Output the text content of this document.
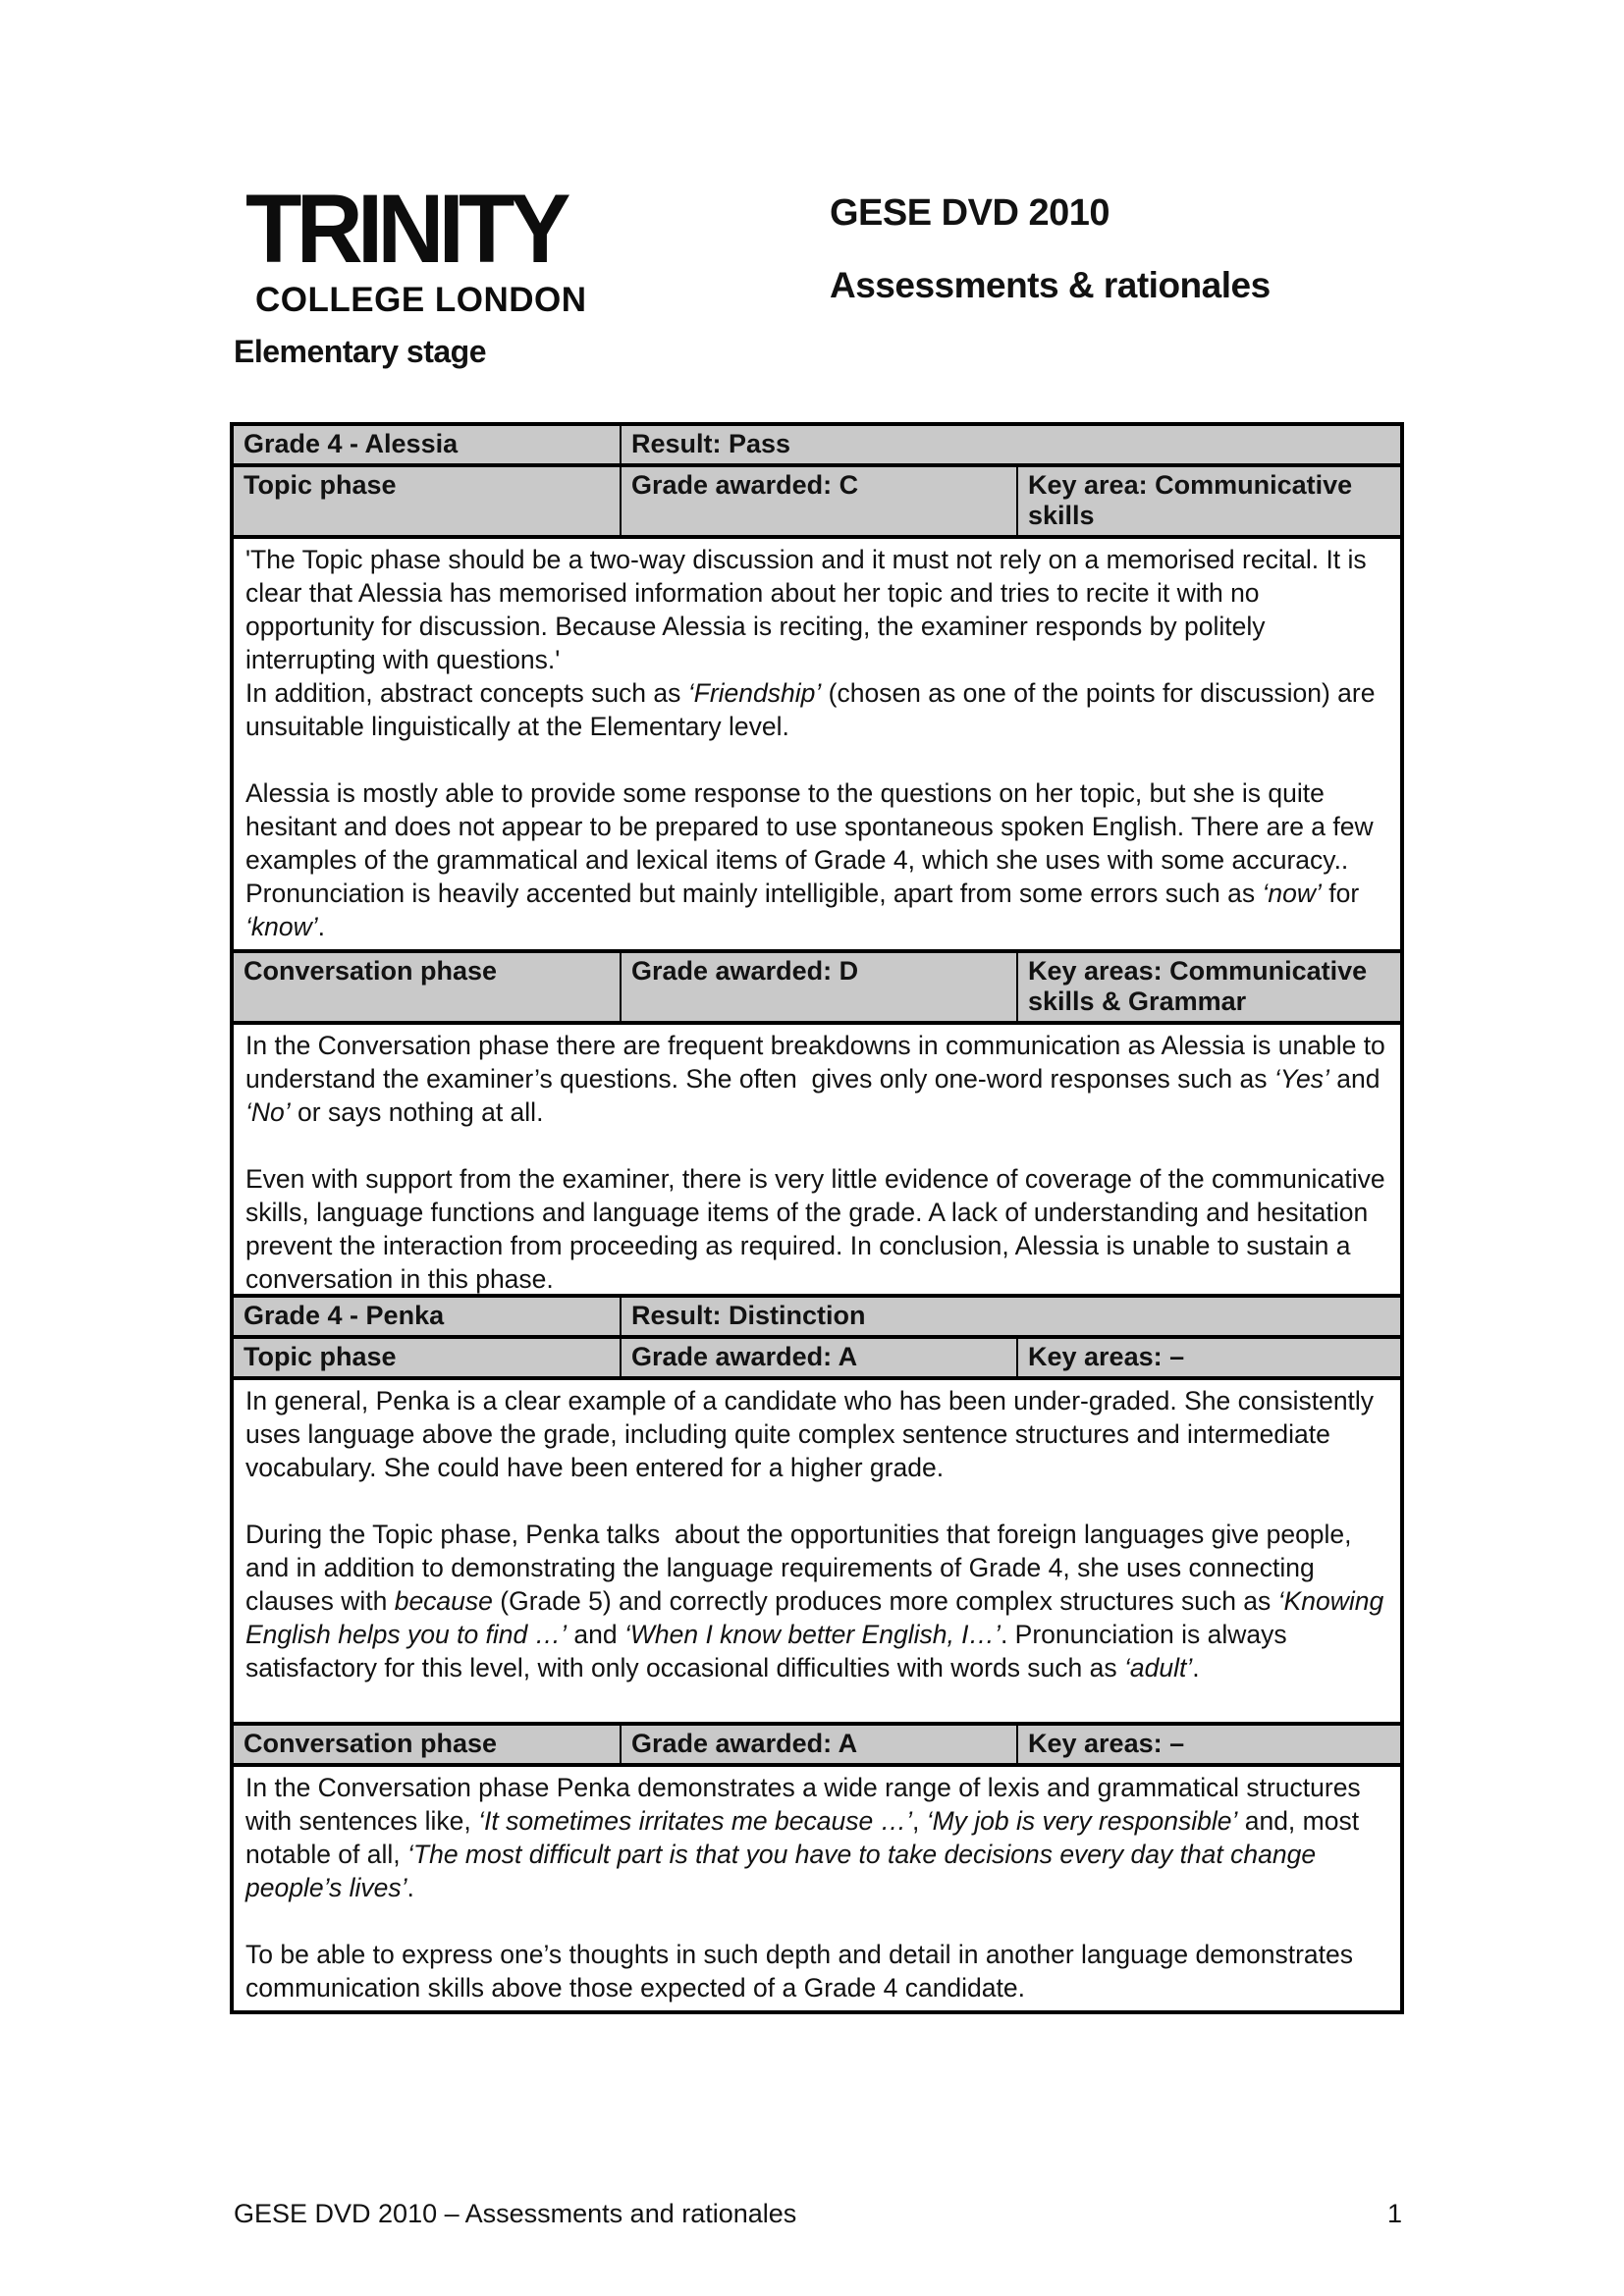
TRINITY
COLLEGE LONDON
GESE DVD 2010
Assessments & rationales
Elementary stage
Grade 4 - Alessia	Result: Pass	
Topic phase	Grade awarded: C	Key area: Communicative skills

'The Topic phase should be a two-way discussion and it must not rely on a memorised recital. It is clear that Alessia has memorised information about her topic and tries to recite it with no opportunity for discussion. Because Alessia is reciting, the examiner responds by politely interrupting with questions.'

In addition, abstract concepts such as ‘Friendship’ (chosen as one of the points for discussion) are unsuitable linguistically at the Elementary level.

Alessia is mostly able to provide some response to the questions on her topic, but she is quite hesitant and does not appear to be prepared to use spontaneous spoken English. There are a few examples of the grammatical and lexical items of Grade 4, which she uses with some accuracy.. Pronunciation is heavily accented but mainly intelligible, apart from some errors such as ‘now’ for ‘know’.		

Conversation phase	Grade awarded: D	Key areas: Communicative skills & Grammar

In the Conversation phase there are frequent breakdowns in communication as Alessia is unable to understand the examiner’s questions. She often  gives only one-word responses such as ‘Yes’ and ‘No’ or says nothing at all.

Even with support from the examiner, there is very little evidence of coverage of the communicative skills, language functions and language items of the grade. A lack of understanding and hesitation prevent the interaction from proceeding as required. In conclusion, Alessia is unable to sustain a conversation in this phase.		

Grade 4 - Penka	Result: Distinction	
Topic phase	Grade awarded: A	Key areas: –

In general, Penka is a clear example of a candidate who has been under-graded. She consistently uses language above the grade, including quite complex sentence structures and intermediate vocabulary. She could have been entered for a higher grade.

During the Topic phase, Penka talks  about the opportunities that foreign languages give people, and in addition to demonstrating the language requirements of Grade 4, she uses connecting clauses with because (Grade 5) and correctly produces more complex structures such as ‘Knowing English helps you to find …’ and ‘When I know better English, I…’. Pronunciation is always satisfactory for this level, with only occasional difficulties with words such as ‘adult’.		

Conversation phase	Grade awarded: A	Key areas: –

In the Conversation phase Penka demonstrates a wide range of lexis and grammatical structures with sentences like, ‘It sometimes irritates me because …’, ‘My job is very responsible’ and, most notable of all, ‘The most difficult part is that you have to take decisions every day that change people’s lives’.

To be able to express one’s thoughts in such depth and detail in another language demonstrates communication skills above those expected of a Grade 4 candidate.		

GESE DVD 2010 – Assessments and rationales	1
